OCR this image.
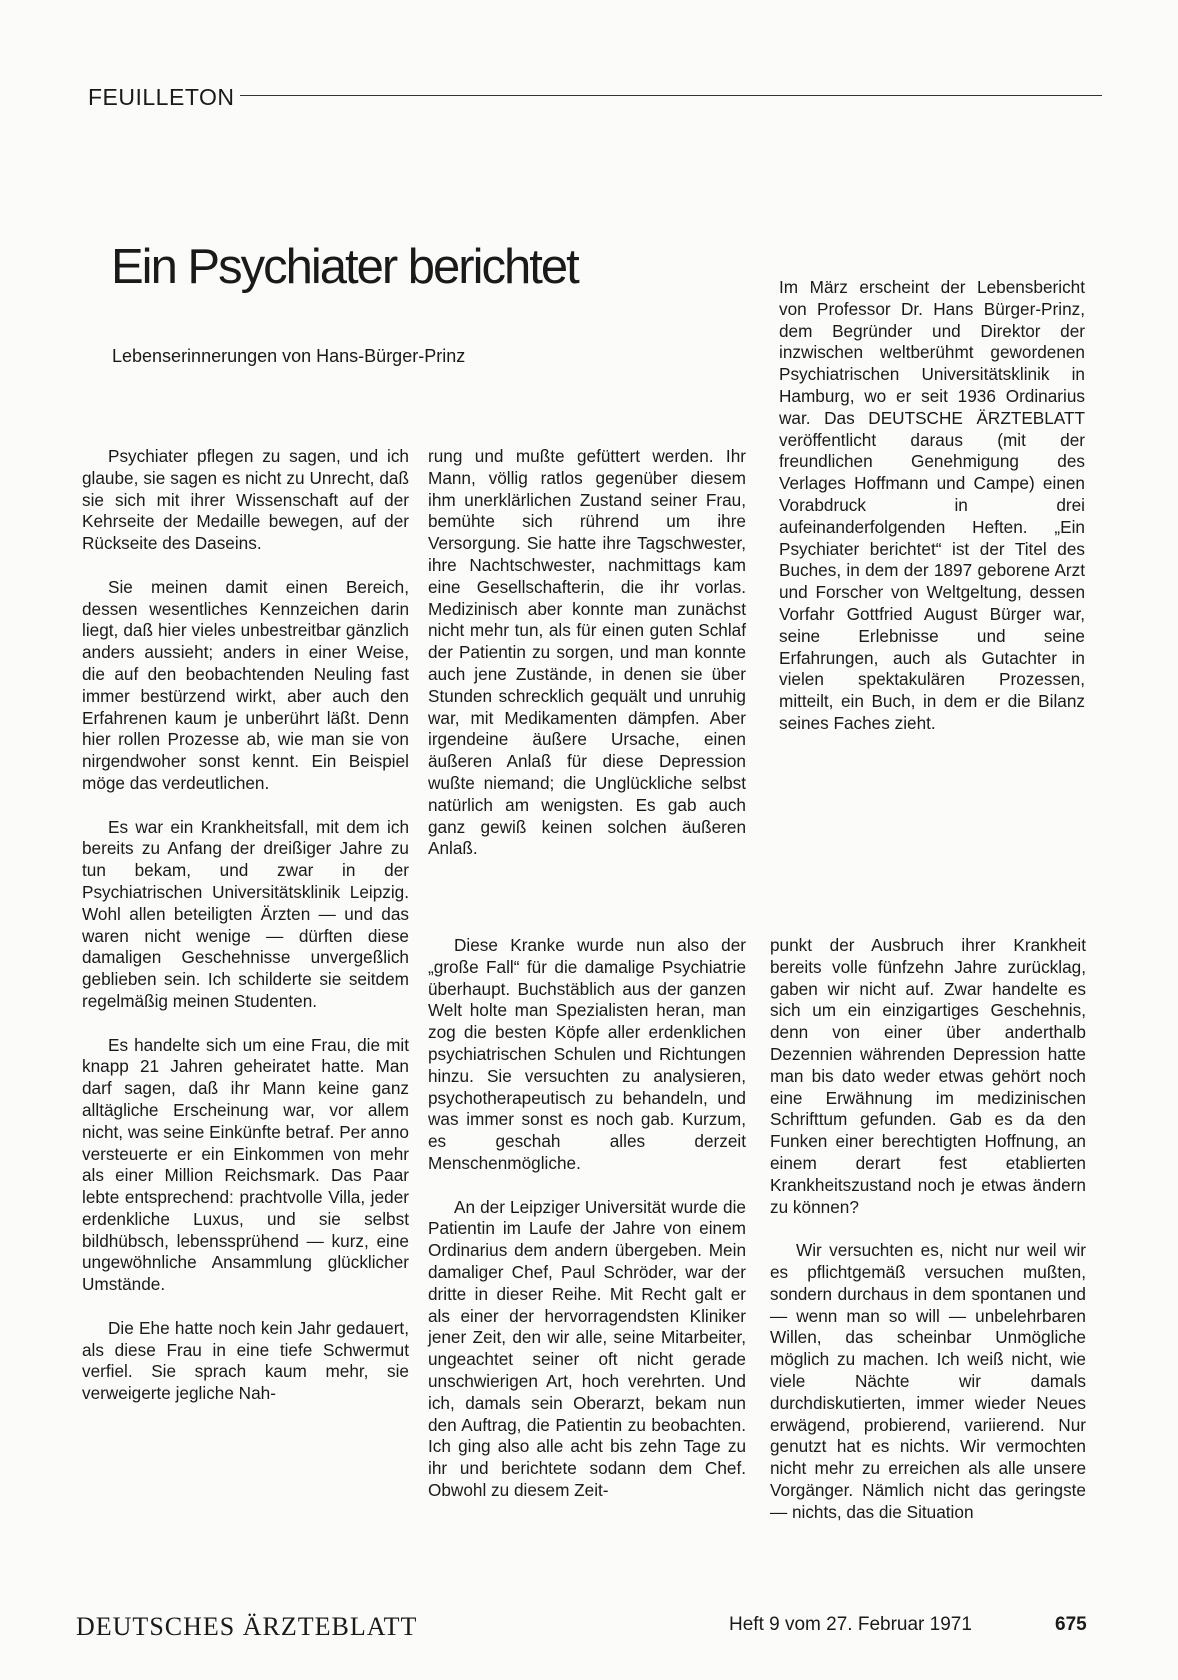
FEUILLETON
Ein Psychiater berichtet
Lebenserinnerungen von Hans-Bürger-Prinz

Psychiater pflegen zu sagen, und ich glaube, sie sagen es nicht zu Unrecht, daß sie sich mit ihrer Wissenschaft auf der Kehrseite der Medaille bewegen, auf der Rückseite des Daseins.

Sie meinen damit einen Bereich, dessen wesentliches Kennzeichen darin liegt, daß hier vieles unbestreitbar gänzlich anders aussieht; anders in einer Weise, die auf den beobachtenden Neuling fast immer bestürzend wirkt, aber auch den Erfahrenen kaum je unberührt läßt. Denn hier rollen Prozesse ab, wie man sie von nirgendwoher sonst kennt. Ein Beispiel möge das verdeutlichen.

Es war ein Krankheitsfall, mit dem ich bereits zu Anfang der dreißiger Jahre zu tun bekam, und zwar in der Psychiatrischen Universitätsklinik Leipzig. Wohl allen beteiligten Ärzten — und das waren nicht wenige — dürften diese damaligen Geschehnisse unvergeßlich geblieben sein. Ich schilderte sie seitdem regelmäßig meinen Studenten.

Es handelte sich um eine Frau, die mit knapp 21 Jahren geheiratet hatte. Man darf sagen, daß ihr Mann keine ganz alltägliche Erscheinung war, vor allem nicht, was seine Einkünfte betraf. Per anno versteuerte er ein Einkommen von mehr als einer Million Reichsmark. Das Paar lebte entsprechend: prachtvolle Villa, jeder erdenkliche Luxus, und sie selbst bildhübsch, lebenssprühend — kurz, eine ungewöhnliche Ansammlung glücklicher Umstände.

Die Ehe hatte noch kein Jahr gedauert, als diese Frau in eine tiefe Schwermut verfiel. Sie sprach kaum mehr, sie verweigerte jegliche Nah-

rung und mußte gefüttert werden. Ihr Mann, völlig ratlos gegenüber diesem ihm unerklärlichen Zustand seiner Frau, bemühte sich rührend um ihre Versorgung. Sie hatte ihre Tagschwester, ihre Nachtschwester, nachmittags kam eine Gesellschafterin, die ihr vorlas. Medizinisch aber konnte man zunächst nicht mehr tun, als für einen guten Schlaf der Patientin zu sorgen, und man konnte auch jene Zustände, in denen sie über Stunden schrecklich gequält und unruhig war, mit Medikamenten dämpfen. Aber irgendeine äußere Ursache, einen äußeren Anlaß für diese Depression wußte niemand; die Unglückliche selbst natürlich am wenigsten. Es gab auch ganz gewiß keinen solchen äußeren Anlaß.

Im März erscheint der Lebensbericht von Professor Dr. Hans Bürger-Prinz, dem Begründer und Direktor der inzwischen weltberühmt gewordenen Psychiatrischen Universitätsklinik in Hamburg, wo er seit 1936 Ordinarius war. Das DEUTSCHE ÄRZTEBLATT veröffentlicht daraus (mit der freundlichen Genehmigung des Verlages Hoffmann und Campe) einen Vorabdruck in drei aufeinanderfolgenden Heften. „Ein Psychiater berichtet“ ist der Titel des Buches, in dem der 1897 geborene Arzt und Forscher von Weltgeltung, dessen Vorfahr Gottfried August Bürger war, seine Erlebnisse und seine Erfahrungen, auch als Gutachter in vielen spektakulären Prozessen, mitteilt, ein Buch, in dem er die Bilanz seines Faches zieht.

Diese Kranke wurde nun also der „große Fall“ für die damalige Psychiatrie überhaupt. Buchstäblich aus der ganzen Welt holte man Spezialisten heran, man zog die besten Köpfe aller erdenklichen psychiatrischen Schulen und Richtungen hinzu. Sie versuchten zu analysieren, psychotherapeutisch zu behandeln, und was immer sonst es noch gab. Kurzum, es geschah alles derzeit Menschenmögliche.

An der Leipziger Universität wurde die Patientin im Laufe der Jahre von einem Ordinarius dem andern übergeben. Mein damaliger Chef, Paul Schröder, war der dritte in dieser Reihe. Mit Recht galt er als einer der hervorragendsten Kliniker jener Zeit, den wir alle, seine Mitarbeiter, ungeachtet seiner oft nicht gerade unschwierigen Art, hoch verehrten. Und ich, damals sein Oberarzt, bekam nun den Auftrag, die Patientin zu beobachten. Ich ging also alle acht bis zehn Tage zu ihr und berichtete sodann dem Chef. Obwohl zu diesem Zeit-

punkt der Ausbruch ihrer Krankheit bereits volle fünfzehn Jahre zurücklag, gaben wir nicht auf. Zwar handelte es sich um ein einzigartiges Geschehnis, denn von einer über anderthalb Dezennien währenden Depression hatte man bis dato weder etwas gehört noch eine Erwähnung im medizinischen Schrifttum gefunden. Gab es da den Funken einer berechtigten Hoffnung, an einem derart fest etablierten Krankheitszustand noch je etwas ändern zu können?

Wir versuchten es, nicht nur weil wir es pflichtgemäß versuchen mußten, sondern durchaus in dem spontanen und — wenn man so will — unbelehrbaren Willen, das scheinbar Unmögliche möglich zu machen. Ich weiß nicht, wie viele Nächte wir damals durchdiskutierten, immer wieder Neues erwägend, probierend, variierend. Nur genutzt hat es nichts. Wir vermochten nicht mehr zu erreichen als alle unsere Vorgänger. Nämlich nicht das geringste — nichts, das die Situation

DEUTSCHES ÄRZTEBLATT	Heft 9 vom 27. Februar 1971	675
